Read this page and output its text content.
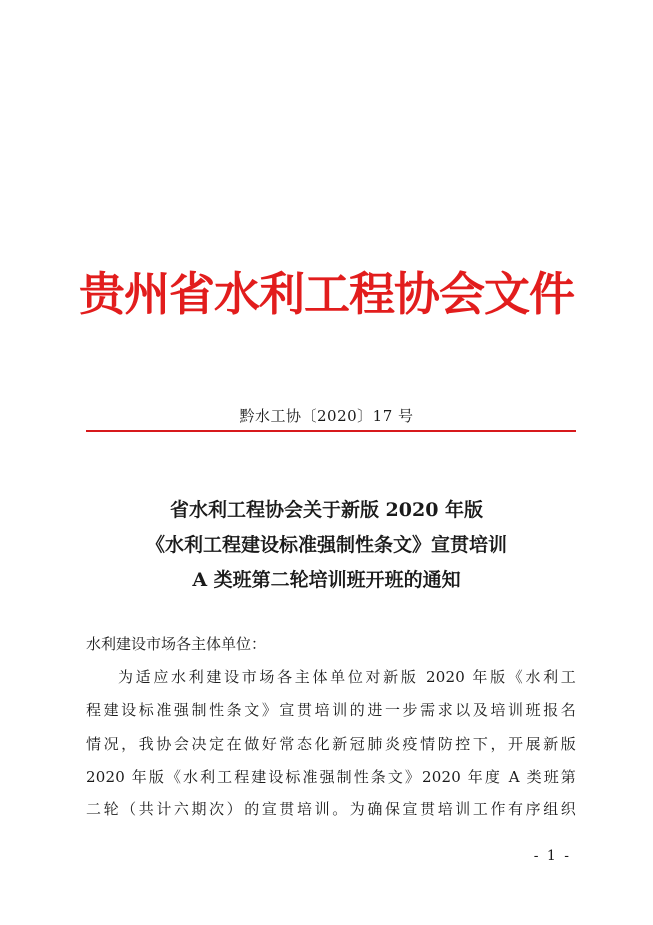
贵州省水利工程协会文件
黔水工协〔2020〕17 号
省水利工程协会关于新版 2020 年版
《水利工程建设标准强制性条文》宣贯培训
A 类班第二轮培训班开班的通知
水利建设市场各主体单位：
为适应水利建设市场各主体单位对新版 2020 年版《水利工
程建设标准强制性条文》宣贯培训的进一步需求以及培训班报名
情况，我协会决定在做好常态化新冠肺炎疫情防控下，开展新版
2020 年版《水利工程建设标准强制性条文》2020 年度 A 类班第
二轮（共计六期次）的宣贯培训。为确保宣贯培训工作有序组织
- 1 -
